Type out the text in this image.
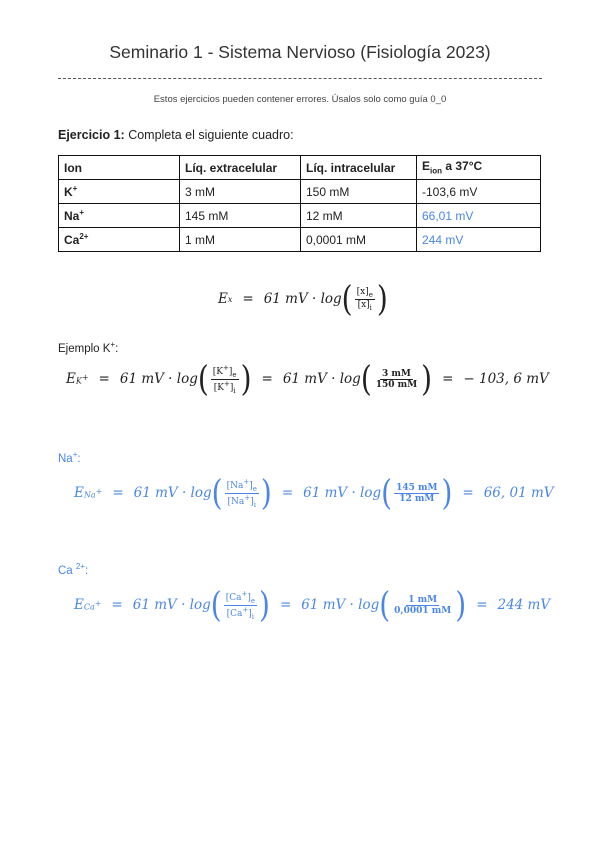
Seminario 1 - Sistema Nervioso (Fisiología 2023)
Estos ejercicios pueden contener errores. Úsalos solo como guía 0_0
Ejercicio 1: Completa el siguiente cuadro:
Ion	Líq. extracelular	Líq. intracelular	$E_{ion}$ a 37°C
K+	3 mM	150 mM	-103,6 mV
Na+	145 mM	12 mM	66,01 mV
$Ca^{2+}$	1 mM	0,0001 mM	244 mV
E x = 61 mV · log ( $\frac{[x]_e}{[x]_i}$ )
Ejemplo K+:
E K+ = 61 mV · log ( $\frac{[K^+]_e}{[K^+]_i}$ ) = 61 mV · log ( $\frac{3 mM}{150 mM}$ ) = − 103, 6 mV
Na+:
E Na+ = 61 mV · log ( $\frac{[Na^+]_e}{[Na^+]_i}$ ) = 61 mV · log ( $\frac{145 mM}{12 mM}$ ) = 66, 01 mV
Ca $^{2+}$:
E Ca+ = 61 mV · log ( $\frac{[Ca^+]_e}{[Ca^+]_i}$ ) = 61 mV · log ( $\frac{1 mM}{0,0001 mM}$ ) = 244 mV
